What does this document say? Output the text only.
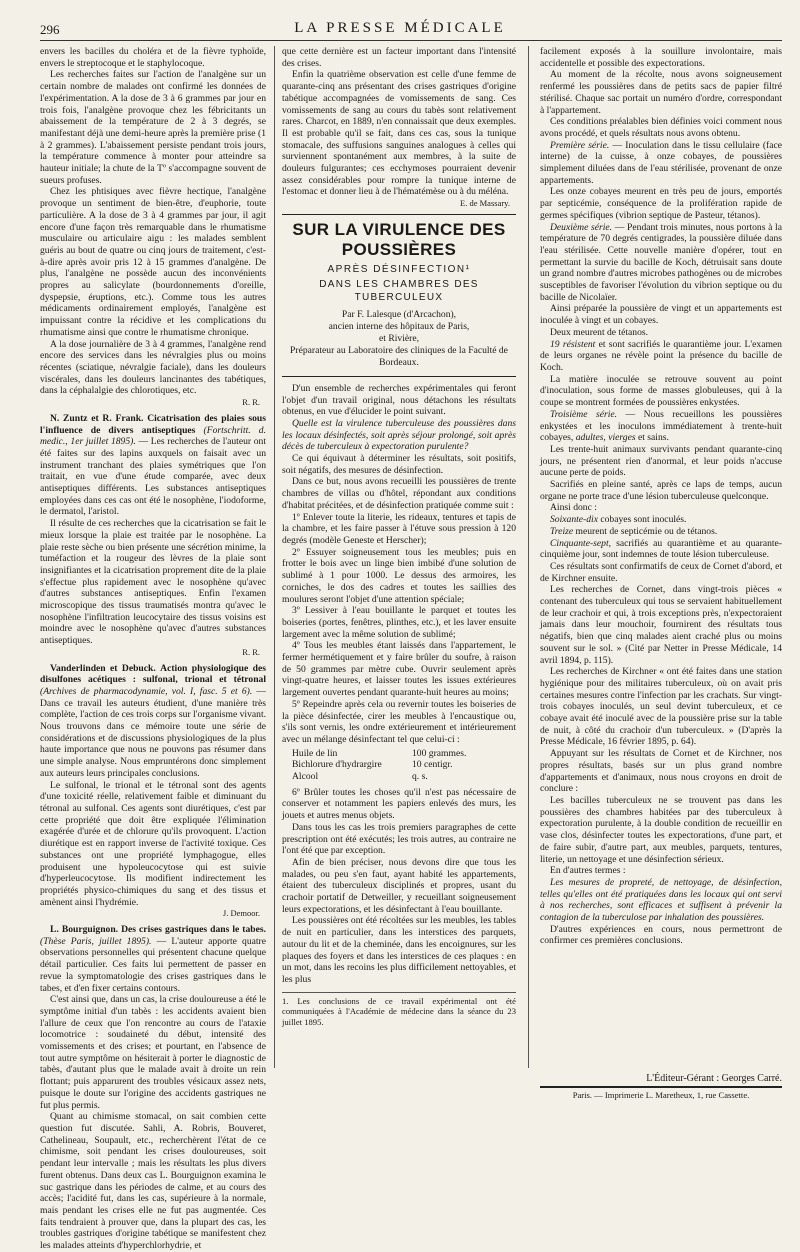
296	LA PRESSE MÉDICALE

envers les bacilles du choléra et de la fièvre typhoïde, envers le streptocoque et le staphylocoque.

Les recherches faites sur l'action de l'analgène sur un certain nombre de malades ont confirmé les données de l'expérimentation. A la dose de 3 à 6 grammes par jour en trois fois, l'analgène provoque chez les fébricitants un abaissement de la température de 2 à 3 degrés, se manifestant déjà une demi-heure après la première prise (1 à 2 grammes). L'abaissement persiste pendant trois jours, la température commence à monter pour atteindre sa hauteur initiale; la chute de la Tº s'accompagne souvent de sueurs profuses.

Chez les phtisiques avec fièvre hectique, l'analgène provoque un sentiment de bien-être, d'euphorie, toute particulière. A la dose de 3 à 4 grammes par jour, il agit encore d'une façon très remarquable dans le rhumatisme musculaire ou articulaire aigu : les malades semblent guéris au bout de quatre ou cinq jours de traitement, c'est-à-dire après avoir pris 12 à 15 grammes d'analgène. De plus, l'analgène ne possède aucun des inconvénients propres au salicylate (bourdonnements d'oreille, dyspepsie, éruptions, etc.). Comme tous les autres médicaments ordinairement employés, l'analgène est impuissant contre la récidive et les complications du rhumatisme ainsi que contre le rhumatisme chronique.

A la dose journalière de 3 à 4 grammes, l'analgène rend encore des services dans les névralgies plus ou moins récentes (sciatique, névralgie faciale), dans les douleurs viscérales, dans les douleurs lancinantes des tabétiques, dans la céphalalgie des chlorotiques, etc.

R. R.

N. Zuntz et R. Frank. Cicatrisation des plaies sous l'influence de divers antiseptiques (Fortschritt. d. medic., 1er juillet 1895). — Les recherches de l'auteur ont été faites sur des lapins auxquels on faisait avec un instrument tranchant des plaies symétriques que l'on traitait, en vue d'une étude comparée, avec deux antiseptiques différents. Les substances antiseptiques employées dans ces cas ont été le nosophène, l'iodoforme, le dermatol, l'aristol.

Il résulte de ces recherches que la cicatrisation se fait le mieux lorsque la plaie est traitée par le nosophène. La plaie reste sèche ou bien présente une sécrétion minime, la tuméfaction et la rougeur des lèvres de la plaie sont insignifiantes et la cicatrisation proprement dite de la plaie s'effectue plus rapidement avec le nosophène qu'avec d'autres substances antiseptiques. Enfin l'examen microscopique des tissus traumatisés montra qu'avec le nosophène l'infiltration leucocytaire des tissus voisins est moindre avec le nosophène qu'avec d'autres substances antiseptiques.

R. R.

Vanderlinden et Debuck. Action physiologique des disulfones acétiques : sulfonal, trional et tétronal (Archives de pharmacodynamie, vol. I, fasc. 5 et 6). — Dans ce travail les auteurs étudient, d'une manière très complète, l'action de ces trois corps sur l'organisme vivant. Nous trouvons dans ce mémoire toute une série de considérations et de discussions physiologiques de la plus haute importance que nous ne pouvons pas résumer dans une simple analyse. Nous empruntérons donc simplement aux auteurs leurs principales conclusions.

Le sulfonal, le trional et le tétronal sont des agents d'une toxicité réelle, relativement faible et diminuant du tétronal au sulfonal. Ces agents sont diurétiques, c'est par cette propriété que doit être expliquée l'élimination exagérée d'urée et de chlorure qu'ils provoquent. L'action diurétique est en rapport inverse de l'activité toxique. Ces substances ont une propriété lymphagogue, elles produisent une hypoleucocytose qui est suivie d'hyperleucocytose. Ils modifient indirectement les propriétés physico-chimiques du sang et des tissus et amènent ainsi l'hydrémie.

J. Demoor.

L. Bourguignon. Des crises gastriques dans le tabes. (Thèse Paris, juillet 1895). — L'auteur apporte quatre observations personnelles qui présentent chacune quelque détail particulier. Ces faits lui permettent de passer en revue la symptomatologie des crises gastriques dans le tabes, et d'en fixer certains contours.

C'est ainsi que, dans un cas, la crise douloureuse a été le symptôme initial d'un tabès : les accidents avaient bien l'allure de ceux que l'on rencontre au cours de l'ataxie locomotrice : soudaineté du début, intensité des vomissements et des crises; et pourtant, en l'absence de tout autre symptôme on hésiterait à porter le diagnostic de tabès, d'autant plus que le malade avait à droite un rein flottant; puis apparurent des troubles vésicaux assez nets, puisque le doute sur l'origine des accidents gastriques ne fut plus permis.

Quant au chimisme stomacal, on sait combien cette question fut discutée. Sahli, A. Robris, Bouveret, Cathelineau, Soupault, etc., recherchèrent l'état de ce chimisme, soit pendant les crises douloureuses, soit pendant leur intervalle ; mais les résultats les plus divers furent obtenus. Dans deux cas L. Bourguignon examina le suc gastrique dans les périodes de calme, et au cours des accès; l'acidité fut, dans les cas, supérieure à la normale, mais pendant les crises elle ne fut pas augmentée. Ces faits tendraient à prouver que, dans la plupart des cas, les troubles gastriques d'origine tabétique se manifestent chez les malades atteints d'hyperchlorhydrie, et

que cette dernière est un facteur important dans l'intensité des crises.

Enfin la quatrième observation est celle d'une femme de quarante-cinq ans présentant des crises gastriques d'origine tabétique accompagnées de vomissements de sang. Ces vomissements de sang au cours du tabès sont relativement rares. Charcot, en 1889, n'en connaissait que deux exemples. Il est probable qu'il se fait, dans ces cas, sous la tunique stomacale, des suffusions sanguines analogues à celles qui surviennent spontanément aux membres, à la suite de douleurs fulgurantes; ces ecchymoses pourraient devenir assez considérables pour rompre la tunique interne de l'estomac et donner lieu à de l'hématémèse ou à du méléna.

E. de Massary.
SUR LA VIRULENCE DES POUSSIÈRES
APRÈS DÉSINFECTION¹
DANS LES CHAMBRES DES TUBERCULEUX
Par F. Lalesque (d'Arcachon),
ancien interne des hôpitaux de Paris,
et Rivière,
Préparateur au Laboratoire des cliniques de la Faculté de Bordeaux.

D'un ensemble de recherches expérimentales qui feront l'objet d'un travail original, nous détachons les résultats obtenus, en vue d'élucider le point suivant.

Quelle est la virulence tuberculeuse des poussières dans les locaux désinfectés, soit après séjour prolongé, soit après décès de tuberculeux à expectoration purulente?

Ce qui équivaut à déterminer les résultats, soit positifs, soit négatifs, des mesures de désinfection.

Dans ce but, nous avons recueilli les poussières de trente chambres de villas ou d'hôtel, répondant aux conditions d'habitat précitées, et de désinfection pratiquée comme suit :

1º Enlever toute la literie, les rideaux, tentures et tapis de la chambre, et les faire passer à l'étuve sous pression à 120 degrés (modèle Geneste et Herscher);

2º Essuyer soigneusement tous les meubles; puis en frotter le bois avec un linge bien imbibé d'une solution de sublimé à 1 pour 1000. Le dessus des armoires, les corniches, le dos des cadres et toutes les saillies des moulures seront l'objet d'une attention spéciale;

3º Lessiver à l'eau bouillante le parquet et toutes les boiseries (portes, fenêtres, plinthes, etc.), et les laver ensuite largement avec la même solution de sublimé;

4º Tous les meubles étant laissés dans l'appartement, le fermer hermétiquement et y faire brûler du soufre, à raison de 50 grammes par mètre cube. Ouvrir seulement après vingt-quatre heures, et laisser toutes les issues extérieures largement ouvertes pendant quarante-huit heures au moins;

5º Repeindre après cela ou revernir toutes les boiseries de la pièce désinfectée, cirer les meubles à l'encaustique ou, s'ils sont vernis, les ondre extérieurement et intérieurement avec un mélange désinfectant tel que celui-ci :

Huile de lin	100 grammes.
Bichlorure d'hydrargire	10 centigr.
Alcool	q. s.

6º Brûler toutes les choses qu'il n'est pas nécessaire de conserver et notamment les papiers enlevés des murs, les jouets et autres menus objets.

Dans tous les cas les trois premiers paragraphes de cette prescription ont été exécutés; les trois autres, au contraire ne l'ont été que par exception.

Afin de bien préciser, nous devons dire que tous les malades, ou peu s'en faut, ayant habité les appartements, étaient des tuberculeux disciplinés et propres, usant du crachoir portatif de Detweiller, y recueillant soigneusement leurs expectorations, et les désinfectant à l'eau bouillante.

Les poussières ont été récoltées sur les meubles, les tables de nuit en particulier, dans les interstices des parquets, autour du lit et de la cheminée, dans les encoignures, sur les plaques des foyers et dans les interstices de ces plaques : en un mot, dans les recoins les plus difficilement nettoyables, et les plus

1. Les conclusions de ce travail expérimental ont été communiquées à l'Académie de médecine dans la séance du 23 juillet 1895.

facilement exposés à la souillure involontaire, mais accidentelle et possible des expectorations.

Au moment de la récolte, nous avons soigneusement renfermé les poussières dans de petits sacs de papier filtré stérilisé. Chaque sac portait un numéro d'ordre, correspondant à l'appartement.

Ces conditions préalables bien définies voici comment nous avons procédé, et quels résultats nous avons obtenu.

Première série. — Inoculation dans le tissu cellulaire (face interne) de la cuisse, à onze cobayes, de poussières simplement diluées dans de l'eau stérilisée, provenant de onze appartements.

Les onze cobayes meurent en très peu de jours, emportés par septicémie, conséquence de la prolifération rapide de germes spécifiques (vibrion septique de Pasteur, tétanos).

Deuxième série. — Pendant trois minutes, nous portons à la température de 70 degrés centigrades, la poussière diluée dans l'eau stérilisée. Cette nouvelle manière d'opérer, tout en permettant la survie du bacille de Koch, détruisait sans doute un grand nombre d'autres microbes pathogènes ou de microbes susceptibles de favoriser l'évolution du vibrion septique ou du bacille de Nicolaïer.

Ainsi préparée la poussière de vingt et un appartements est inoculée à vingt et un cobayes.

Deux meurent de tétanos.

19 résistent et sont sacrifiés le quarantième jour. L'examen de leurs organes ne révèle point la présence du bacille de Koch.

La matière inoculée se retrouve souvent au point d'inoculation, sous forme de masses globuleuses, qui à la coupe se montrent formées de poussières enkystées.

Troisième série. — Nous recueillons les poussières enkystées et les inoculons immédiatement à trente-huit cobayes, adultes, vierges et sains.

Les trente-huit animaux survivants pendant quarante-cinq jours, ne présentent rien d'anormal, et leur poids n'accuse aucune perte de poids.

Sacrifiés en pleine santé, après ce laps de temps, aucun organe ne porte trace d'une lésion tuberculeuse quelconque.

Ainsi donc :

Soixante-dix cobayes sont inoculés.

Treize meurent de septicémie ou de tétanos.

Cinquante-sept, sacrifiés au quarantième et au quarante-cinquième jour, sont indemnes de toute lésion tuberculeuse.

Ces résultats sont confirmatifs de ceux de Cornet d'abord, et de Kirchner ensuite.

Les recherches de Cornet, dans vingt-trois pièces « contenant des tuberculeux qui tous se servaient habituellement de leur crachoir et qui, à trois exceptions près, n'expectoraient jamais dans leur mouchoir, fournirent des résultats tous négatifs, bien que cinq malades aient craché plus ou moins souvent sur le sol. » (Cité par Netter in Presse Médicale, 14 avril 1894, p. 115).

Les recherches de Kirchner « ont été faites dans une station hygiénique pour des militaires tuberculeux, où on avait pris certaines mesures contre l'infection par les crachats. Sur vingt-trois cobayes inoculés, un seul devint tuberculeux, et ce cobaye avait été inoculé avec de la poussière prise sur la table de nuit, à côté du crachoir d'un tuberculeux. » (D'après la Presse Médicale, 16 février 1895, p. 64).

Appuyant sur les résultats de Cornet et de Kirchner, nos propres résultats, basés sur un plus grand nombre d'appartements et d'animaux, nous nous croyons en droit de conclure :

Les bacilles tuberculeux ne se trouvent pas dans les poussières des chambres habitées par des tuberculeux à expectoration purulente, à la double condition de recueillir en vase clos, désinfecter toutes les expectorations, d'une part, et de faire subir, d'autre part, aux meubles, parquets, tentures, literie, un nettoyage et une désinfection sérieux.

En d'autres termes :

Les mesures de propreté, de nettoyage, de désinfection, telles qu'elles ont été pratiquées dans les locaux qui ont servi à nos recherches, sont efficaces et suffisent à prévenir la contagion de la tuberculose par inhalation des poussières.

D'autres expériences en cours, nous permettront de confirmer ces premières conclusions.

L'Éditeur-Gérant : Georges Carré.
Paris. — Imprimerie L. Maretheux, 1, rue Cassette.
